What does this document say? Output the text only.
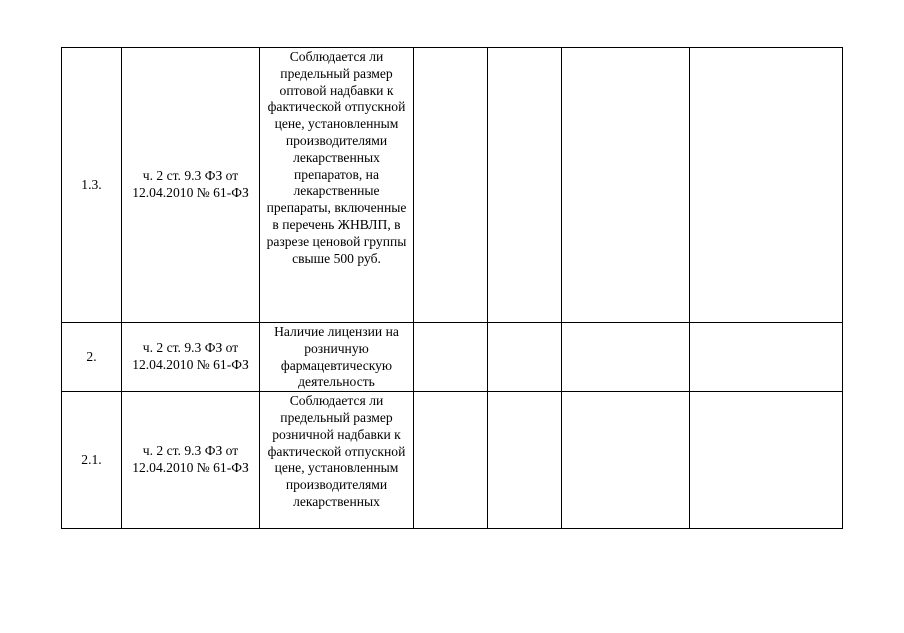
1.3.	ч. 2 ст. 9.3 ФЗ от 12.04.2010 № 61-ФЗ	Соблюдается ли предельный размер оптовой надбавки к фактической отпускной цене, установленным производителями лекарственных препаратов, на лекарственные препараты, включенные в перечень ЖНВЛП, в разрезе ценовой группы свыше 500 руб.				
2.	ч. 2 ст. 9.3 ФЗ от 12.04.2010 № 61-ФЗ	Наличие лицензии на розничную фармацевтическую деятельность				
2.1.	ч. 2 ст. 9.3 ФЗ от 12.04.2010 № 61-ФЗ	Соблюдается ли предельный размер розничной надбавки к фактической отпускной цене, установленным производителями лекарственных				
